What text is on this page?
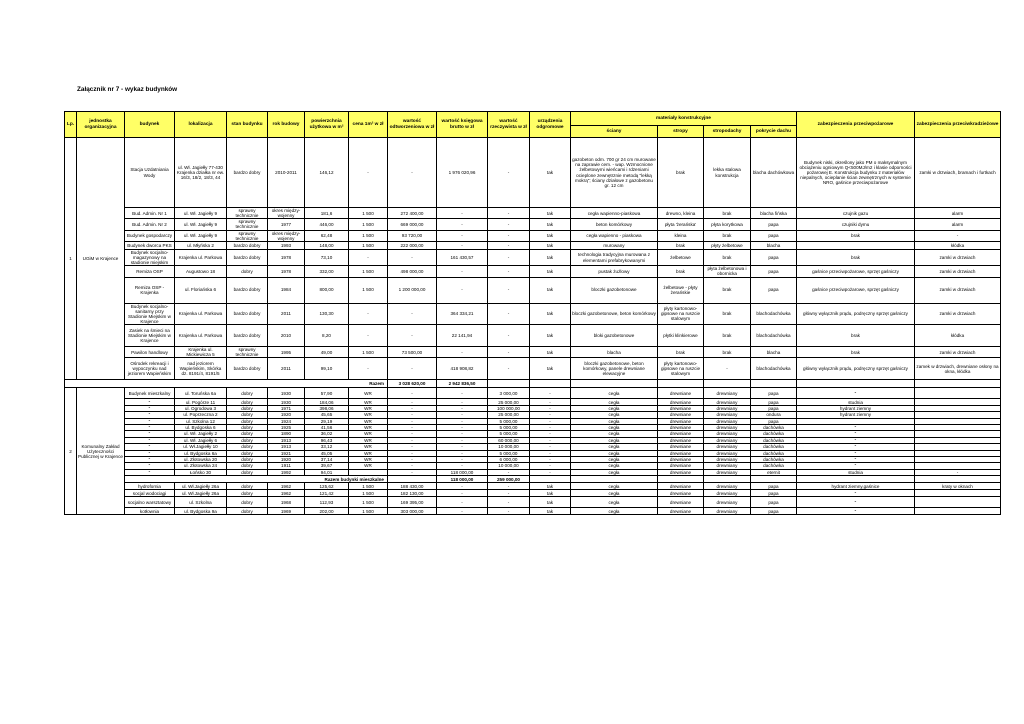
Załącznik nr 7 - wykaz budynków
Lp.	jednostka organizacyjna	budynek	lokalizacja	stan budynku	rok budowy	powierzchnia użytkowa w m²	cena 1m² w zł	wartość odtworzeniowa w zł	wartość księgowa brutto w zł	wartość rzeczywista w zł	urządzenia odgromowe	materiały konstrukcyjne				zabezpieczenia przeciwpożarowe	zabezpieczenia przeciwkradzieżowe
												ściany	stropy	stropodachy	pokrycie dachu		
1	UGiM w Krajence	Stacja Uzdatniania Wody	ul. Wł. Jagiełły 77-430 Krajenka działka nr ew. 16/3, 18/2, 18/3, 44	bardzo dobry	2010-2011	146,12	-	-	1 976 020,96	-	tak	gazobeton odm. 700 gr 24 cm murowane na zaprawie cem. - wap. Wzmocnione żelbetowymi wieńcami i rdzeniami ocieplone zewnętrznie metodą "lekką mokrą"; ściany działowe z gazobetonu gr. 12 cm	brak	lekka stalowa konstrukcja	blacha dachówkowa	Budynek niski, określony jako PM o maksymalnym obciążeniu ogniowym Q<500MJ/m2 i klasie odporności pożarowej E. Konstrukcja budynku z materiałów niepalnych, ocieplanie ścian zewnętrznych w systemie NRO, gaśnice przeciwpożarowe	zamki w drzwiach, bramach i furtkach
		Bud. Admin. Nr 1	ul. Wł. Jagiełły 9	sprawny technicznie	okres między-wojenny	181,6	1 500	272 400,00	-	-	tak	cegła wapienno-piaskowa	drewno, kleina	brak	blacha fińska	czujnik gazu	alarm
		Bud. Admin. Nr 2	ul. Wł. Jagiełły 9	sprawny technicznie	1977	446,00	1 500	669 000,00	-	-	tak	beton komórkowy	płyta 'żerańska'	płyta korytkowa	papa	czujniki dymu	alarm
		Budynek gospodarczy	ul. Wł. Jagiełły 9	sprawny technicznie	okres między-wojenny	62,48	1 500	93 720,00	-	-	tak	cegła wapienno - piaskowa	kleina	brak	papa	brak	-
		Budynek dworca PKS	ul. Młyńska 2	bardzo dobry	1993	148,00	1 500	222 000,00	-	-	tak	murowany	brak	płyty żelbetowe	blacha		kłódka
		Budynek socjalno-magazynowy na stadionie miejskim	Krajenka ul. Parkowa	bardzo dobry	1978	73,10	-	-	161 430,57	-	tak	technologia tradycyjna murowana z elementami prefabrykowanymi	żelbetowe	brak	papa	brak	zamki w drzwiach
		Remiza OSP	Augustowo 18	dobry	1978	332,00	1 500	498 000,00	-	-	tak	pustak żużlowy	brak	płyta żelbetonowa i obornicka	papa	gaśnice przeciwpożarowe, sprzęt gaśniczy	zamki w drzwiach
		Remiza OSP - Krajenka	ul. Floriańska 6	bardzo dobry	1984	800,00	1 500	1 200 000,00	-	-	tak	bloczki gazobetonowe	żelbetowe - płyty żerańskie	brak	papa	gaśnice przeciwpożarowe, sprzęt gaśniczy	zamki w drzwiach
		Budynek socjalno-sanitarny przy Stadionie Miejskim w Krajence	Krajenka ul. Parkowa	bardzo dobry	2011	130,30	-	-	364 334,21	-	tak	bloczki gazobetonowe, beton komórkowy	płyty kartonowo-gipsowe na ruszcie stalowym	brak	blachodachówka	główny wyłącznik prądu, podręczny sprzęt gaśniczy	zamki w drzwiach
		Zasiek na śmieci na Stadionie Miejskim w Krajence	Krajenka ul. Parkowa	bardzo dobry	2010	8,20	-	-	22 141,94	-	tak	bloki gazobetonowe	płytki klinkierowe	brak	blachodachówka	brak	kłódka
		Pawilon handlowy	Krajenka ul. Mickiewicza 5	sprawny technicznie	1995	49,00	1 500	73 500,00	-	-	tak	blacha	brak	brak	blacha	brak	zamki w drzwiach
		Ośrodek rekreacji i wypoczynku nad jeziorem Wapieńskim	nad jeziorem Wapieńskim, Skórka dz. 8191/4, 8191/5	bardzo dobry	2011	99,10	-	-	418 908,82	-	tak	bloczki gazobetonowe, beton komórkowy, panele drewniane elewacyjne	płyty kartonowo-gipsowe na ruszcie stalowym	-	blachodachówka	główny wyłącznik prądu, podręczny sprzęt gaśniczy	zamek w drzwiach, drewniane osłony na okna, kłódka
Razem								3 028 620,00	2 942 836,50								
2	Komunalny Zakład Użyteczności Publicznej w Krajence	Budynek mieszkalny	ul. Toruńska 6a	dobry	1930	57,90	WR	-	-	3 000,00	-	cegła	drewniane	drewniany	papa	"	
		"	ul. Pogórze 11	dobry	1930	184,06	WR	-	-	25 000,00	-	cegła	drewniane	drewniany	papa	studnia	
		"	ul. Ogrodowa 3	dobry	1971	398,06	WR	-	-	100 000,00	-	cegła	drewniane	drewniany	papa	hydrant ziemny	
		"	ul. Poprzeczna 2	dobry	1920	45,65	WR	-	-	25 000,00	-	cegła	drewniane	drewniany	ondura	hydrant ziemny	
		"	ul. Szkolna 12	dobry	1924	29,19	WR	-	-	5 000,00	-	cegła	drewniane	drewniany	papa		
		"	ul. Bydgoska 6	dobry	1925	41,56	WR	-	-	5 000,00	-	cegła	drewniane	drewniany	dachówka	"	
		"	ul. Wł. Jagiełły 2	dobry	1890	36,02	WR	-	-	5 000,00	-	cegła	drewniane	drewniany	dachówka	"	
		"	ul. Wł. Jagiełły 6	dobry	1913	96,43	WR	-	-	60 000,00	-	cegła	drewniane	drewniany	dachówka	"	
		"	ul. Wł.Jagiełły 10	dobry	1913	33,12	WR	-	-	10 000,00	-	cegła	drewniane	drewniany	dachówka	"	
		"	ul. Bydgoska 6a	dobry	1921	45,05	WR	-	-	5 000,00	-	cegła	drewniane	drewniany	dachówka	"	
		"	ul. Złotowska 20	dobry	1920	37,14	WR	-	-	6 000,00	-	cegła	drewniane	drewniany	dachówka	"	
		"	ul. Złotowska 24	dobry	1911	39,67	WR	-	-	10 000,00	-	cegła	drewniane	drewniany	dachówka	"	
		"	Łońsko 30	dobry	1992	94,01		-	118 000,00	-	-	cegła	drewniane	drewniany	eternit	studnia	-
		Razem budynki mieszkalne							118 000,00	259 000,00							
		hydrofornia	ul. Wł.Jagiełły 26a	dobry	1962	125,62	1 500	188 430,00	-	-	tak	cegła	drewniane	drewniany	papa	hydrant ziemny,gaśnice	kraty w oknach
		socjal wodociągi	ul. Wł.Jagiełły 26a	dobry	1962	121,42	1 500	182 130,00	-	-	tak	cegła	drewniane	drewniany	papa	"	
		socjalno warsztatowy	ul. Szkolna	dobry	1968	112,93	1 500	169 395,00	-	-	tak	cegła	drewniane	drewniany	papa	"	
		kotłownia	ul. Bydgoska 9a	dobry	1969	202,00	1 500	303 000,00	-	-	tak	cegła	drewniane	drewniany	papa	"	
